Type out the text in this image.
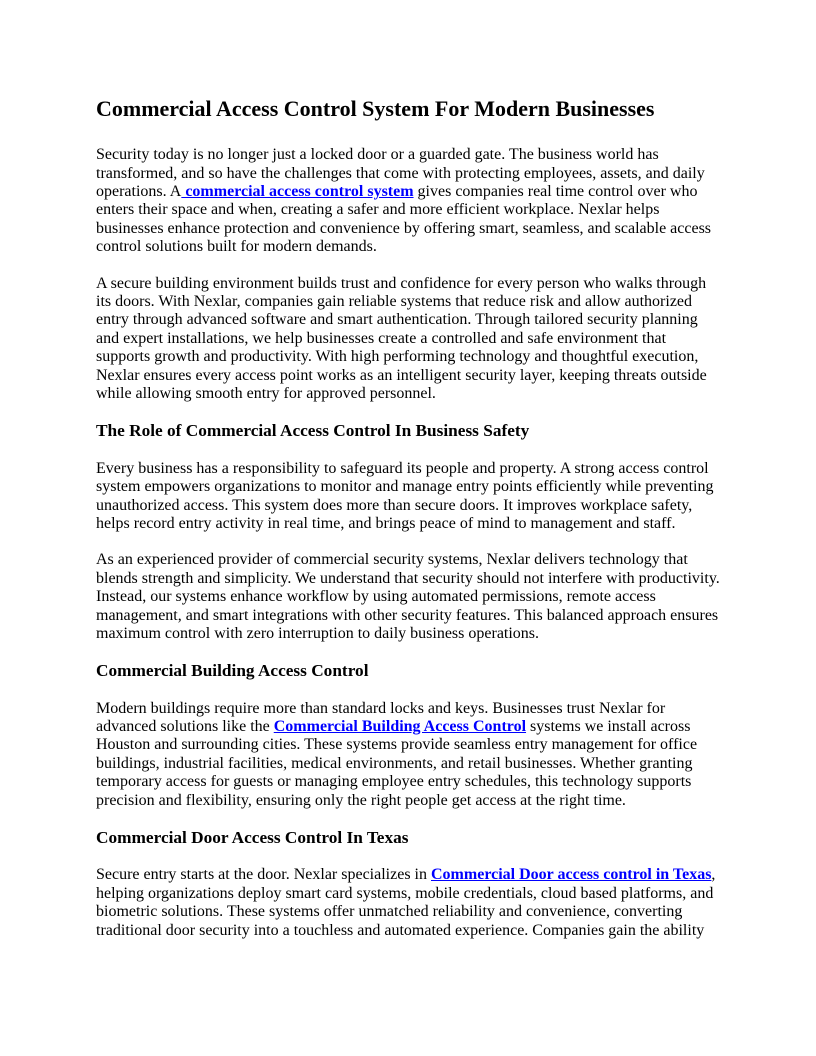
Commercial Access Control System For Modern Businesses

Security today is no longer just a locked door or a guarded gate. The business world has transformed, and so have the challenges that come with protecting employees, assets, and daily operations. A commercial access control system gives companies real time control over who enters their space and when, creating a safer and more efficient workplace. Nexlar helps businesses enhance protection and convenience by offering smart, seamless, and scalable access control solutions built for modern demands.

A secure building environment builds trust and confidence for every person who walks through its doors. With Nexlar, companies gain reliable systems that reduce risk and allow authorized entry through advanced software and smart authentication. Through tailored security planning and expert installations, we help businesses create a controlled and safe environment that supports growth and productivity. With high performing technology and thoughtful execution, Nexlar ensures every access point works as an intelligent security layer, keeping threats outside while allowing smooth entry for approved personnel.

The Role of Commercial Access Control In Business Safety

Every business has a responsibility to safeguard its people and property. A strong access control system empowers organizations to monitor and manage entry points efficiently while preventing unauthorized access. This system does more than secure doors. It improves workplace safety, helps record entry activity in real time, and brings peace of mind to management and staff.

As an experienced provider of commercial security systems, Nexlar delivers technology that blends strength and simplicity. We understand that security should not interfere with productivity. Instead, our systems enhance workflow by using automated permissions, remote access management, and smart integrations with other security features. This balanced approach ensures maximum control with zero interruption to daily business operations.

Commercial Building Access Control

Modern buildings require more than standard locks and keys. Businesses trust Nexlar for advanced solutions like the Commercial Building Access Control systems we install across Houston and surrounding cities. These systems provide seamless entry management for office buildings, industrial facilities, medical environments, and retail businesses. Whether granting temporary access for guests or managing employee entry schedules, this technology supports precision and flexibility, ensuring only the right people get access at the right time.

Commercial Door Access Control In Texas

Secure entry starts at the door. Nexlar specializes in Commercial Door access control in Texas, helping organizations deploy smart card systems, mobile credentials, cloud based platforms, and biometric solutions. These systems offer unmatched reliability and convenience, converting traditional door security into a touchless and automated experience. Companies gain the ability
